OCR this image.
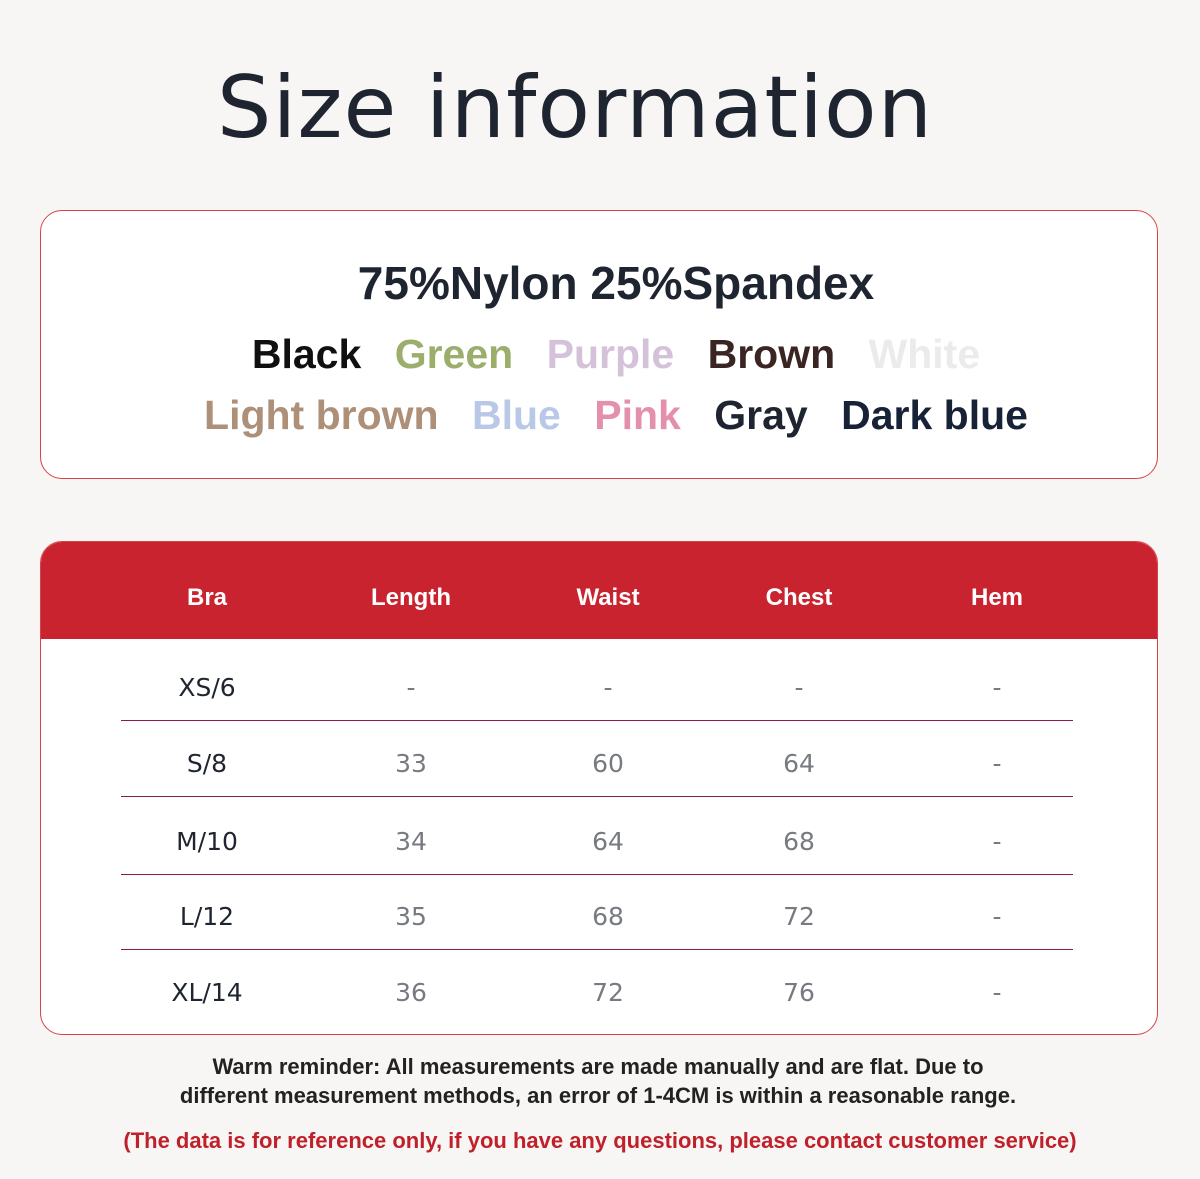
Size information
75%Nylon 25%Spandex
Black Green Purple Brown White
Light brown Blue Pink Gray Dark blue
Bra	Length	Waist	Chest	Hem
XS/6	-	-	-	-
S/8	33	60	64	-
M/10	34	64	68	-
L/12	35	68	72	-
XL/14	36	72	76	-
Warm reminder: All measurements are made manually and are flat. Due to
different measurement methods, an error of 1-4CM is within a reasonable range.
(The data is for reference only, if you have any questions, please contact customer service)
